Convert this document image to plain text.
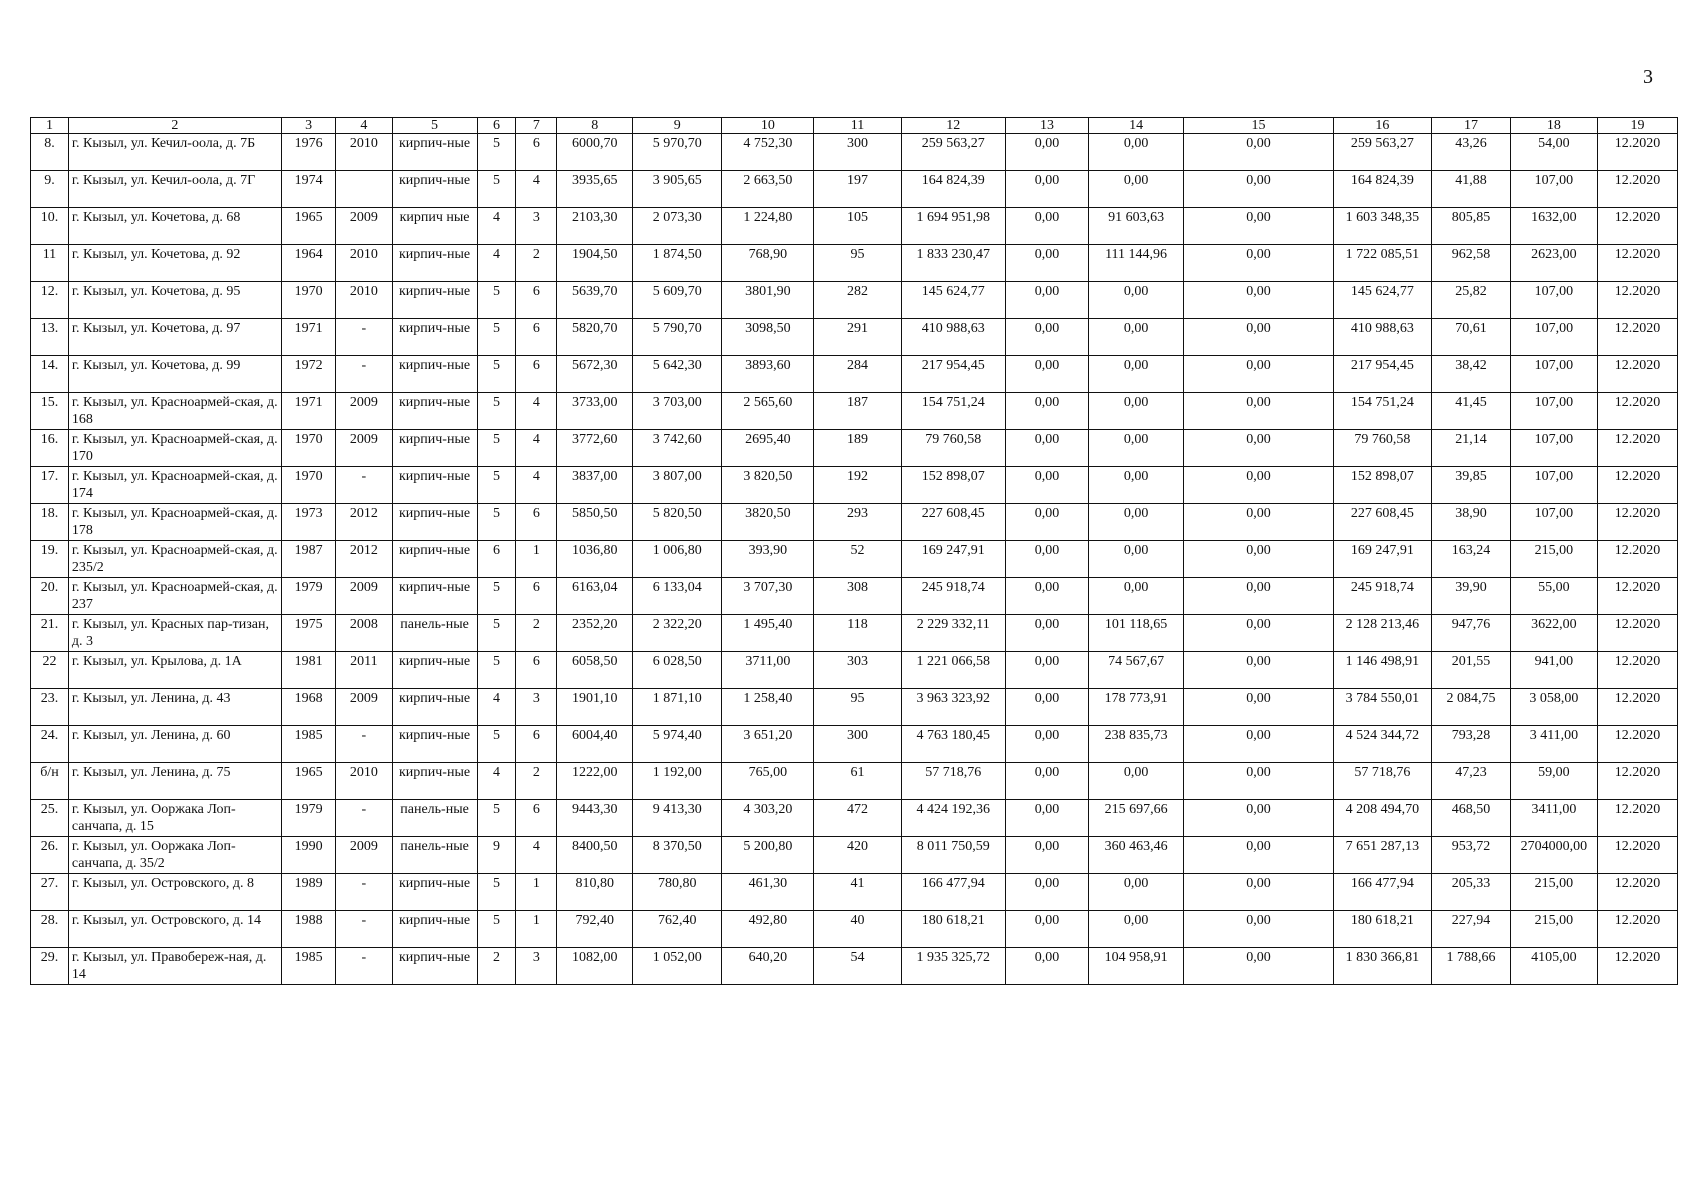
3
1	2	3	4	5	6	7	8	9	10	11	12	13	14	15	16	17	18	19
8.	г. Кызыл, ул. Кечил-оола, д. 7Б	1976	2010	кирпич-ные	5	6	6000,70	5 970,70	4 752,30	300	259 563,27	0,00	0,00	0,00	259 563,27	43,26	54,00	12.2020
9.	г. Кызыл, ул. Кечил-оола, д. 7Г	1974		кирпич-ные	5	4	3935,65	3 905,65	2 663,50	197	164 824,39	0,00	0,00	0,00	164 824,39	41,88	107,00	12.2020
10.	г. Кызыл, ул. Кочетова, д. 68	1965	2009	кирпич ные	4	3	2103,30	2 073,30	1 224,80	105	1 694 951,98	0,00	91 603,63	0,00	1 603 348,35	805,85	1632,00	12.2020
11	г. Кызыл, ул. Кочетова, д. 92	1964	2010	кирпич-ные	4	2	1904,50	1 874,50	768,90	95	1 833 230,47	0,00	111 144,96	0,00	1 722 085,51	962,58	2623,00	12.2020
12.	г. Кызыл, ул. Кочетова, д. 95	1970	2010	кирпич-ные	5	6	5639,70	5 609,70	3801,90	282	145 624,77	0,00	0,00	0,00	145 624,77	25,82	107,00	12.2020
13.	г. Кызыл, ул. Кочетова, д. 97	1971	-	кирпич-ные	5	6	5820,70	5 790,70	3098,50	291	410 988,63	0,00	0,00	0,00	410 988,63	70,61	107,00	12.2020
14.	г. Кызыл, ул. Кочетова, д. 99	1972	-	кирпич-ные	5	6	5672,30	5 642,30	3893,60	284	217 954,45	0,00	0,00	0,00	217 954,45	38,42	107,00	12.2020
15.	г. Кызыл, ул. Красноармей-ская, д. 168	1971	2009	кирпич-ные	5	4	3733,00	3 703,00	2 565,60	187	154 751,24	0,00	0,00	0,00	154 751,24	41,45	107,00	12.2020
16.	г. Кызыл, ул. Красноармей-ская, д. 170	1970	2009	кирпич-ные	5	4	3772,60	3 742,60	2695,40	189	79 760,58	0,00	0,00	0,00	79 760,58	21,14	107,00	12.2020
17.	г. Кызыл, ул. Красноармей-ская, д. 174	1970	-	кирпич-ные	5	4	3837,00	3 807,00	3 820,50	192	152 898,07	0,00	0,00	0,00	152 898,07	39,85	107,00	12.2020
18.	г. Кызыл, ул. Красноармей-ская, д. 178	1973	2012	кирпич-ные	5	6	5850,50	5 820,50	3820,50	293	227 608,45	0,00	0,00	0,00	227 608,45	38,90	107,00	12.2020
19.	г. Кызыл, ул. Красноармей-ская, д. 235/2	1987	2012	кирпич-ные	6	1	1036,80	1 006,80	393,90	52	169 247,91	0,00	0,00	0,00	169 247,91	163,24	215,00	12.2020
20.	г. Кызыл, ул. Красноармей-ская, д. 237	1979	2009	кирпич-ные	5	6	6163,04	6 133,04	3 707,30	308	245 918,74	0,00	0,00	0,00	245 918,74	39,90	55,00	12.2020
21.	г. Кызыл, ул. Красных пар-тизан, д. 3	1975	2008	панель-ные	5	2	2352,20	2 322,20	1 495,40	118	2 229 332,11	0,00	101 118,65	0,00	2 128 213,46	947,76	3622,00	12.2020
22	г. Кызыл, ул. Крылова, д. 1А	1981	2011	кирпич-ные	5	6	6058,50	6 028,50	3711,00	303	1 221 066,58	0,00	74 567,67	0,00	1 146 498,91	201,55	941,00	12.2020
23.	г. Кызыл, ул. Ленина, д. 43	1968	2009	кирпич-ные	4	3	1901,10	1 871,10	1 258,40	95	3 963 323,92	0,00	178 773,91	0,00	3 784 550,01	2 084,75	3 058,00	12.2020
24.	г. Кызыл, ул. Ленина, д. 60	1985	-	кирпич-ные	5	6	6004,40	5 974,40	3 651,20	300	4 763 180,45	0,00	238 835,73	0,00	4 524 344,72	793,28	3 411,00	12.2020
б/н	г. Кызыл, ул. Ленина, д. 75	1965	2010	кирпич-ные	4	2	1222,00	1 192,00	765,00	61	57 718,76	0,00	0,00	0,00	57 718,76	47,23	59,00	12.2020
25.	г. Кызыл, ул. Ооржака Лоп-санчапа, д. 15	1979	-	панель-ные	5	6	9443,30	9 413,30	4 303,20	472	4 424 192,36	0,00	215 697,66	0,00	4 208 494,70	468,50	3411,00	12.2020
26.	г. Кызыл, ул. Ооржака Лоп-санчапа, д. 35/2	1990	2009	панель-ные	9	4	8400,50	8 370,50	5 200,80	420	8 011 750,59	0,00	360 463,46	0,00	7 651 287,13	953,72	2704000,00	12.2020
27.	г. Кызыл, ул. Островского, д. 8	1989	-	кирпич-ные	5	1	810,80	780,80	461,30	41	166 477,94	0,00	0,00	0,00	166 477,94	205,33	215,00	12.2020
28.	г. Кызыл, ул. Островского, д. 14	1988	-	кирпич-ные	5	1	792,40	762,40	492,80	40	180 618,21	0,00	0,00	0,00	180 618,21	227,94	215,00	12.2020
29.	г. Кызыл, ул. Правобереж-ная, д. 14	1985	-	кирпич-ные	2	3	1082,00	1 052,00	640,20	54	1 935 325,72	0,00	104 958,91	0,00	1 830 366,81	1 788,66	4105,00	12.2020
